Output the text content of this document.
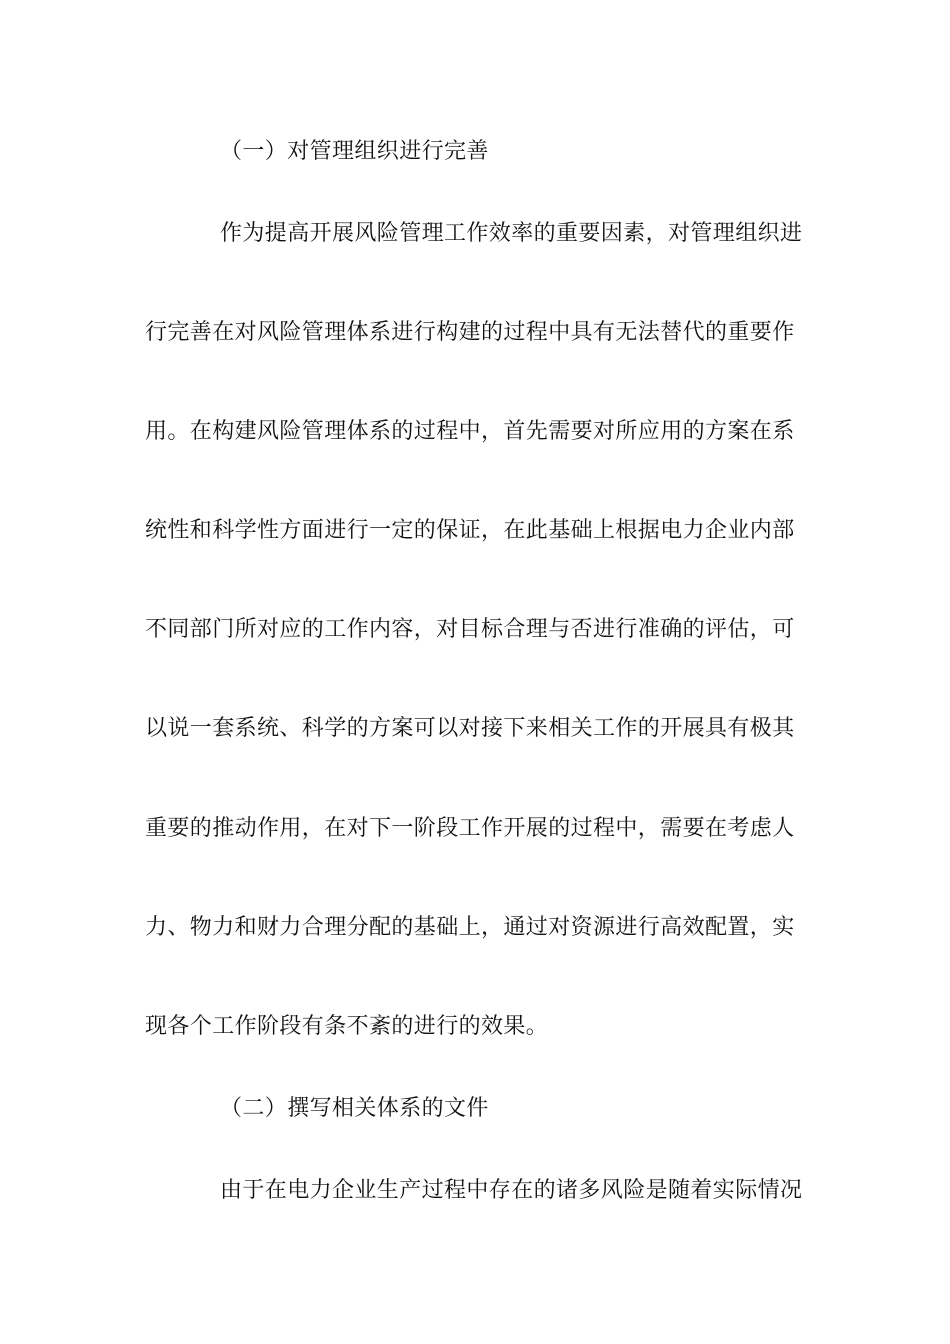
（一）对管理组织进行完善
作为提高开展风险管理工作效率的重要因素，对管理组织进
行完善在对风险管理体系进行构建的过程中具有无法替代的重要作
用。在构建风险管理体系的过程中，首先需要对所应用的方案在系
统性和科学性方面进行一定的保证，在此基础上根据电力企业内部
不同部门所对应的工作内容，对目标合理与否进行准确的评估，可
以说一套系统、科学的方案可以对接下来相关工作的开展具有极其
重要的推动作用，在对下一阶段工作开展的过程中，需要在考虑人
力、物力和财力合理分配的基础上，通过对资源进行高效配置，实
现各个工作阶段有条不紊的进行的效果。
（二）撰写相关体系的文件
由于在电力企业生产过程中存在的诸多风险是随着实际情况
